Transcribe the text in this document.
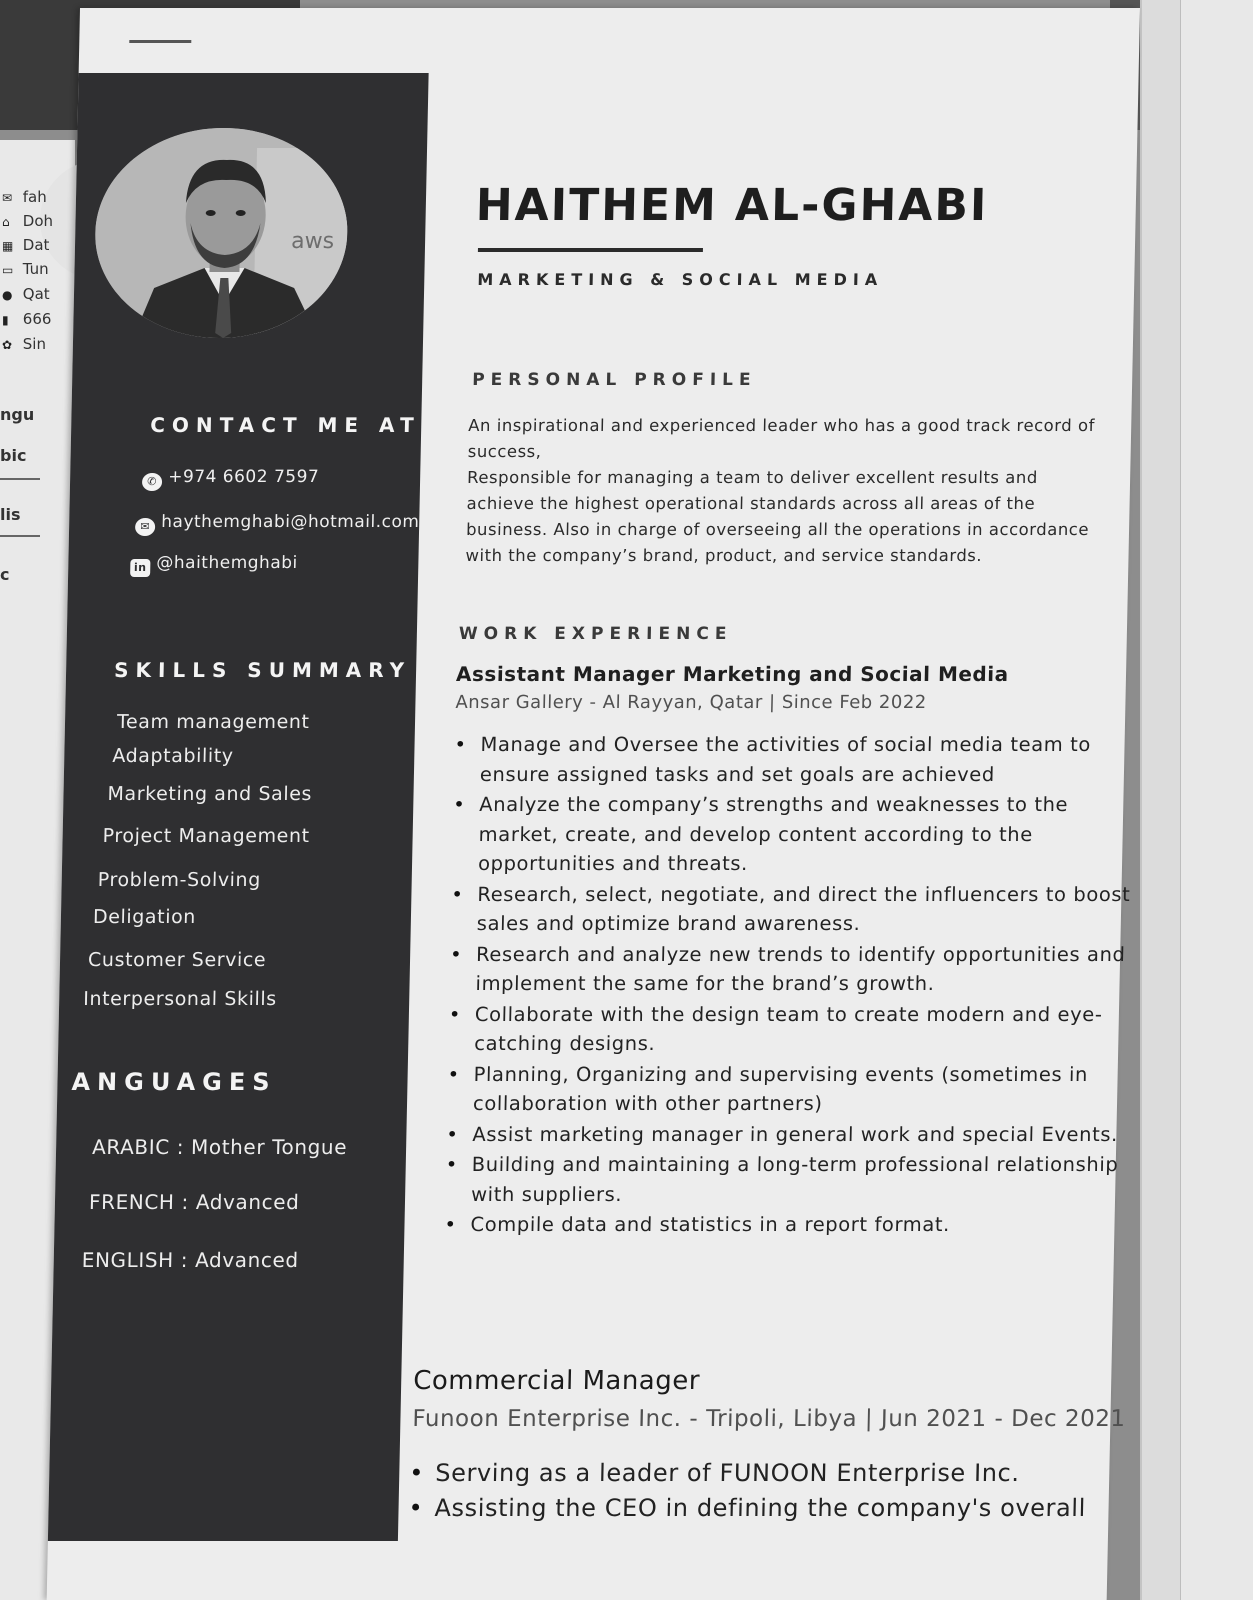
✉ fah
⌂ Doh
▦ Dat
▭ Tun
● Qat
▮ 666
✿ Sin
ngu
bic
lis
c
aws
CONTACT ME AT
✆ +974 6602 7597
✉ haythemghabi@hotmail.com
in @haithemghabi
SKILLS SUMMARY
Team management
Adaptability
Marketing and Sales
Project Management
Problem-Solving
Deligation
Customer Service
Interpersonal Skills
ANGUAGES
ARABIC : Mother Tongue
FRENCH : Advanced
ENGLISH : Advanced
HAITHEM AL-GHABI
MARKETING & SOCIAL MEDIA
PERSONAL PROFILE

An inspirational and experienced leader who has a good track record of success,

Responsible for managing a team to deliver excellent results and achieve the highest operational standards across all areas of the business. Also in charge of overseeing all the operations in accordance with the company’s brand, product, and service standards.

WORK EXPERIENCE
Assistant Manager Marketing and Social Media
Ansar Gallery - Al Rayyan, Qatar | Since Feb 2022
• Manage and Oversee the activities of social media team to ensure assigned tasks and set goals are achieved
• Analyze the company’s strengths and weaknesses to the market, create, and develop content according to the opportunities and threats.
• Research, select, negotiate, and direct the influencers to boost sales and optimize brand awareness.
• Research and analyze new trends to identify opportunities and implement the same for the brand’s growth.
• Collaborate with the design team to create modern and eye-catching designs.
• Planning, Organizing and supervising events (sometimes in collaboration with other partners)
• Assist marketing manager in general work and special Events.
• Building and maintaining a long-term professional relationship with suppliers.
• Compile data and statistics in a report format.
Commercial Manager
Funoon Enterprise Inc. - Tripoli, Libya | Jun 2021 - Dec 2021
• Serving as a leader of FUNOON Enterprise Inc.
• Assisting the CEO in defining the company's overall
